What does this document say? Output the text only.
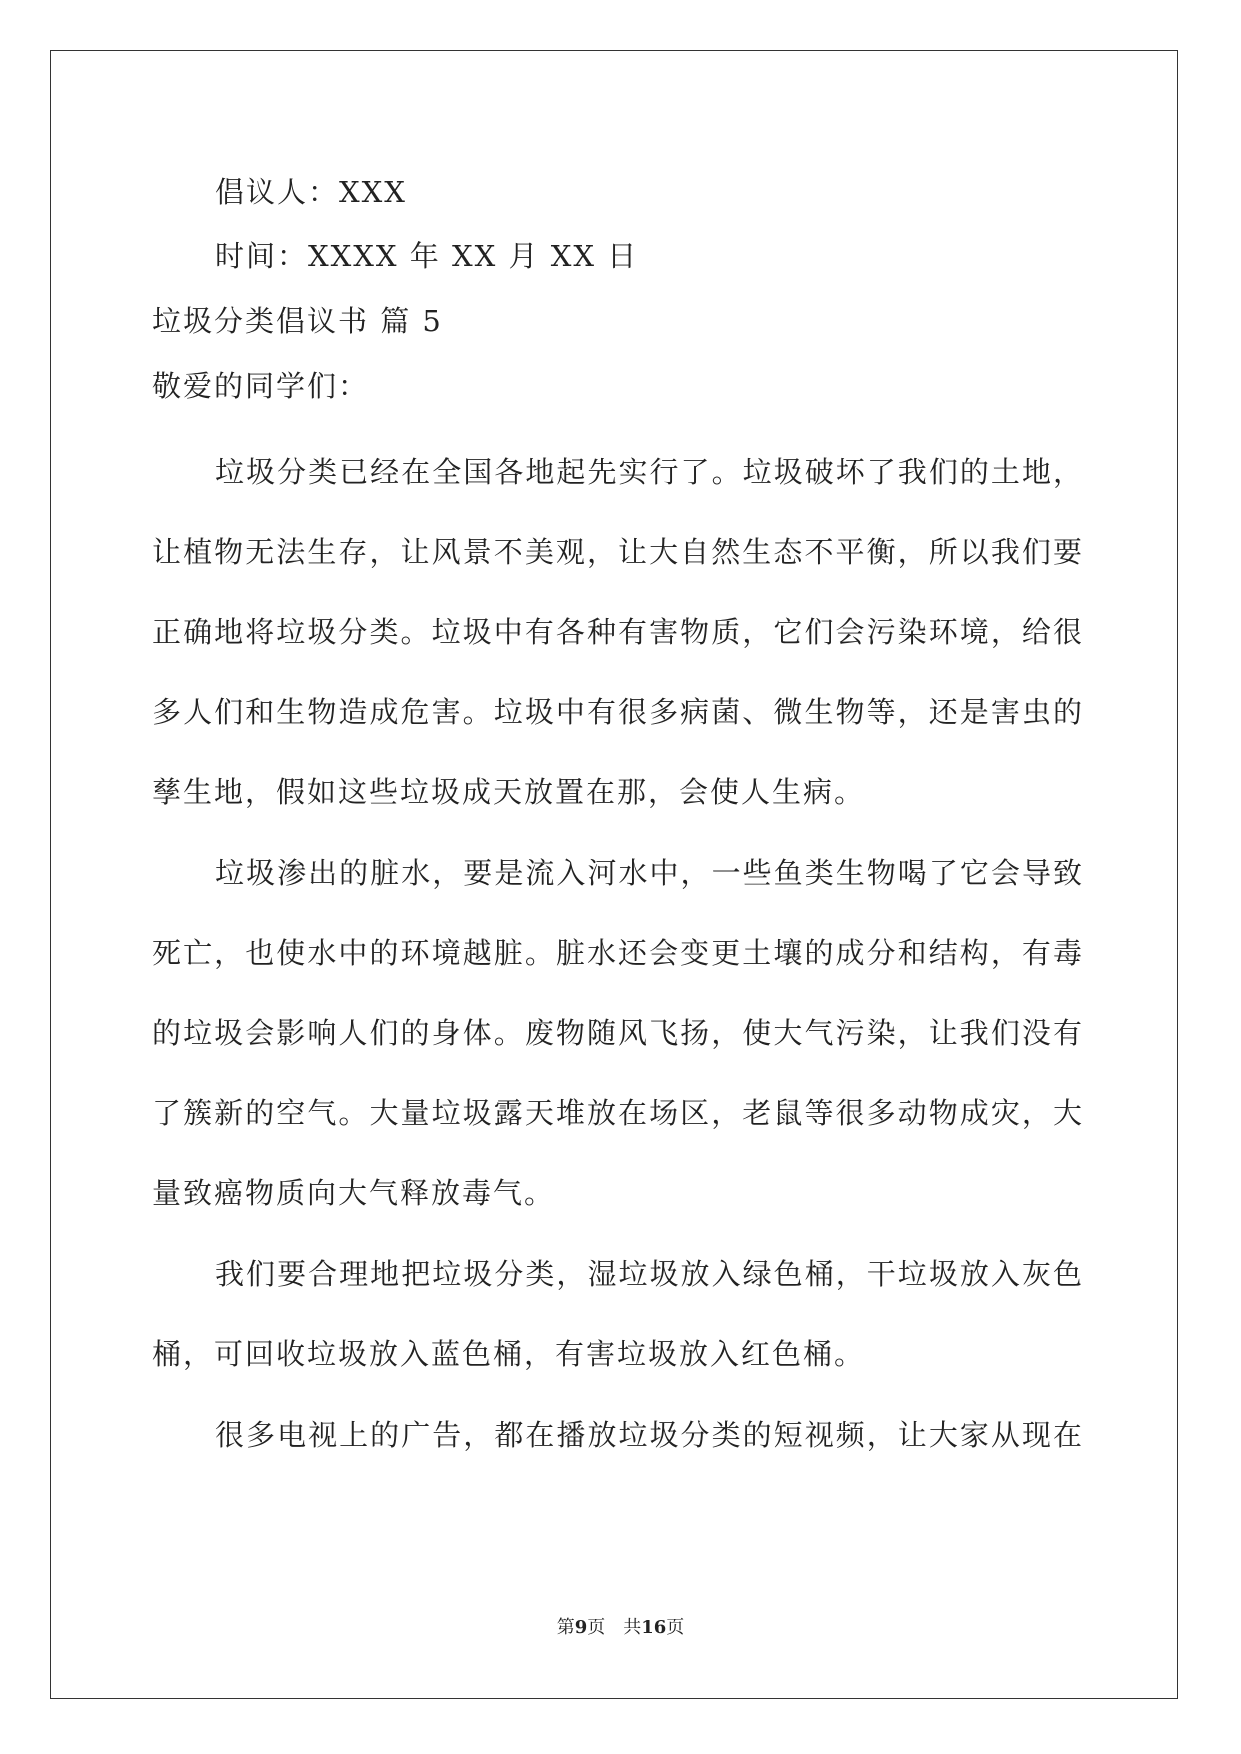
倡议人：XXX
时间：XXXX 年 XX 月 XX 日
垃圾分类倡议书 篇 5
敬爱的同学们：
垃圾分类已经在全国各地起先实行了。垃圾破坏了我们的土地，
让植物无法生存，让风景不美观，让大自然生态不平衡，所以我们要
正确地将垃圾分类。垃圾中有各种有害物质，它们会污染环境，给很
多人们和生物造成危害。垃圾中有很多病菌、微生物等，还是害虫的
孳生地，假如这些垃圾成天放置在那，会使人生病。
垃圾渗出的脏水，要是流入河水中，一些鱼类生物喝了它会导致
死亡，也使水中的环境越脏。脏水还会变更土壤的成分和结构，有毒
的垃圾会影响人们的身体。废物随风飞扬，使大气污染，让我们没有
了簇新的空气。大量垃圾露天堆放在场区，老鼠等很多动物成灾，大
量致癌物质向大气释放毒气。
我们要合理地把垃圾分类，湿垃圾放入绿色桶，干垃圾放入灰色
桶，可回收垃圾放入蓝色桶，有害垃圾放入红色桶。
很多电视上的广告，都在播放垃圾分类的短视频，让大家从现在
第9页　共16页
